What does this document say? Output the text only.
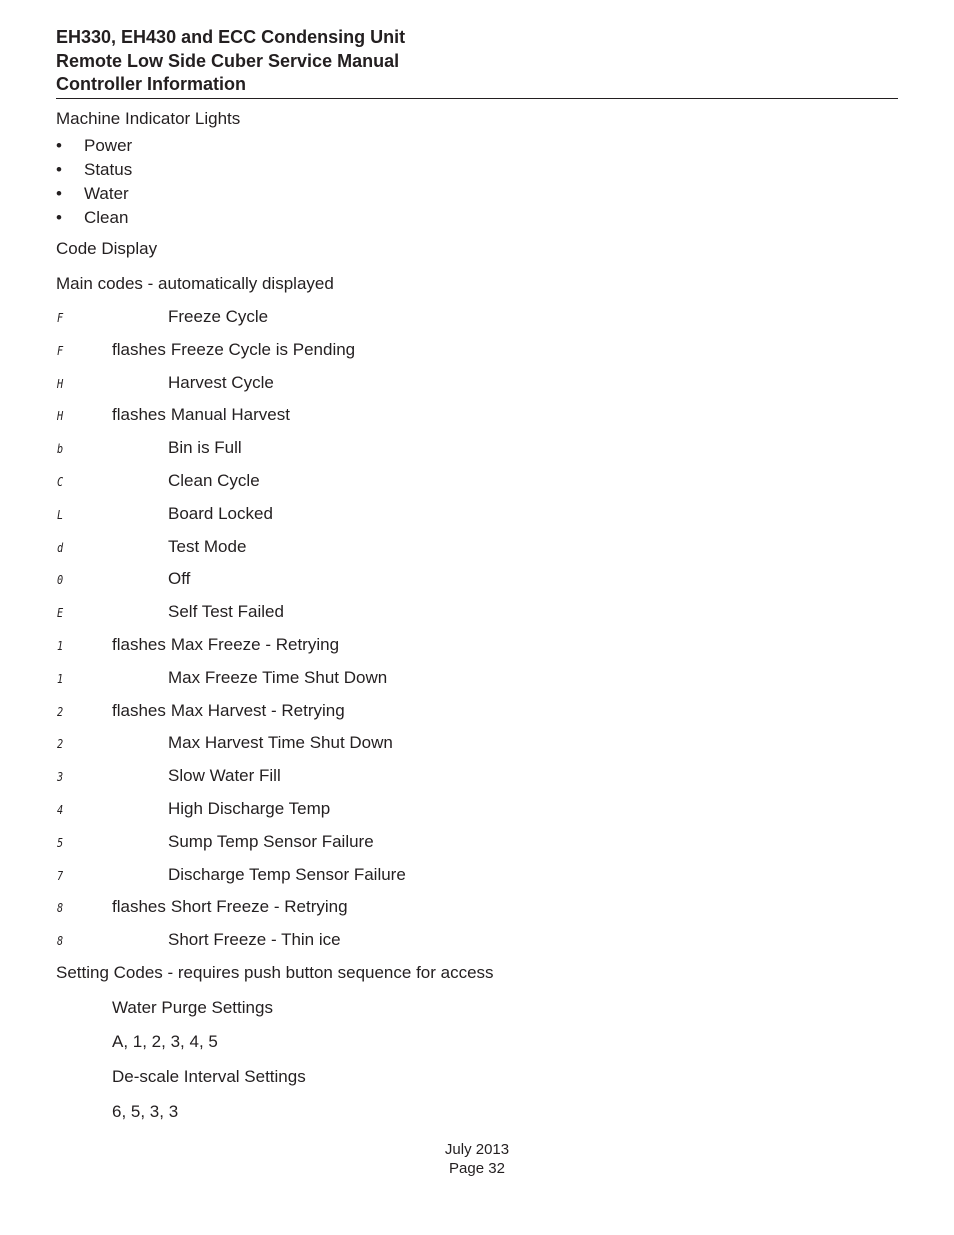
EH330, EH430 and ECC Condensing Unit
Remote Low Side Cuber Service Manual
Controller Information
Machine Indicator Lights
• Power
• Status
• Water
• Clean
Code Display
Main codes - automatically displayed
F	Freeze Cycle
F	flashes Freeze Cycle is Pending
H	Harvest Cycle
H	flashes Manual Harvest
b	Bin is Full
C	Clean Cycle
L	Board Locked
d	Test Mode
0	Off
E	Self Test Failed
1	flashes Max Freeze - Retrying
1	Max Freeze Time Shut Down
2	flashes Max Harvest - Retrying
2	Max Harvest Time Shut Down
3	Slow Water Fill
4	High Discharge Temp
5	Sump Temp Sensor Failure
7	Discharge Temp Sensor Failure
8	flashes Short Freeze - Retrying
8	Short Freeze - Thin ice
Setting Codes - requires push button sequence for access
Water Purge Settings
A, 1, 2, 3, 4, 5
De-scale Interval Settings
6, 5, 3, 3
July 2013
Page 32
